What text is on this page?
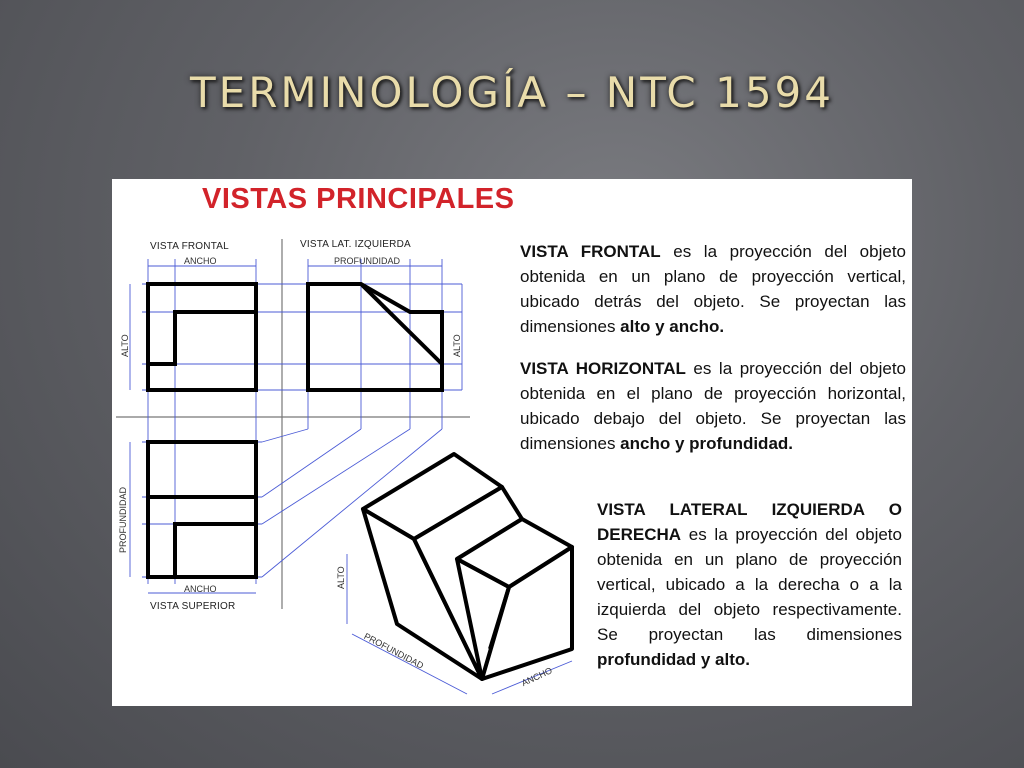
TERMINOLOGÍA – NTC 1594
VISTAS PRINCIPALES
VISTA FRONTAL	VISTA LAT. IZQUIERDA
VISTA SUPERIOR
ANCHO	PROFUNDIDAD
ANCHO
ALTO	ALTO
PROFUNDIDAD
ALTO
PROFUNDIDAD
ANCHO
VISTA FRONTAL es la proyección del objeto obtenida en un plano de proyección vertical, ubicado detrás del objeto. Se proyectan las dimensiones alto y ancho.
VISTA HORIZONTAL es la proyección del objeto obtenida en el plano de proyección horizontal, ubicado debajo del objeto. Se proyectan las dimensiones ancho y profundidad.
VISTA LATERAL IZQUIERDA O DERECHA es la proyección del objeto obtenida en un plano de proyección vertical, ubicado a la derecha o a la izquierda del objeto respectivamente. Se proyectan las dimensiones profundidad y alto.
